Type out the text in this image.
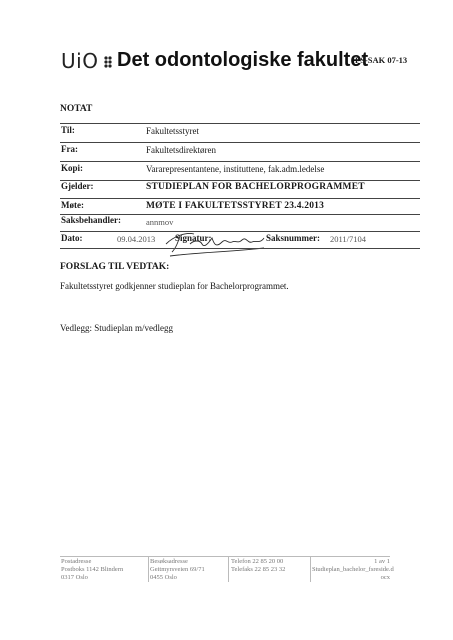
UiO Det odontologiske fakultet
FS-SAK 07-13
NOTAT
Til:	Fakultetsstyret
Fra:	Fakultetsdirektøren
Kopi:	Vararepresentantene, instituttene, fak.adm.ledelse
Gjelder:	STUDIEPLAN FOR BACHELORPROGRAMMET
Møte:	MØTE I FAKULTETSSTYRET 23.4.2013
Saksbehandler:	annmov
Dato:	09.04.2013 Signatur:	Saksnummer: 2011/7104
FORSLAG TIL VEDTAK:
Fakultetsstyret godkjenner studieplan for Bachelorprogrammet.
Vedlegg: Studieplan m/vedlegg
Postadresse
Postboks 1142 Blindern
0317 Oslo
Besøksadresse
Geitmyrsveien 69/71
0455 Oslo
Telefon 22 85 20 00
Telefaks 22 85 23 32
1 av 1
Studieplan_bachelor_fsreside.d
ocx
